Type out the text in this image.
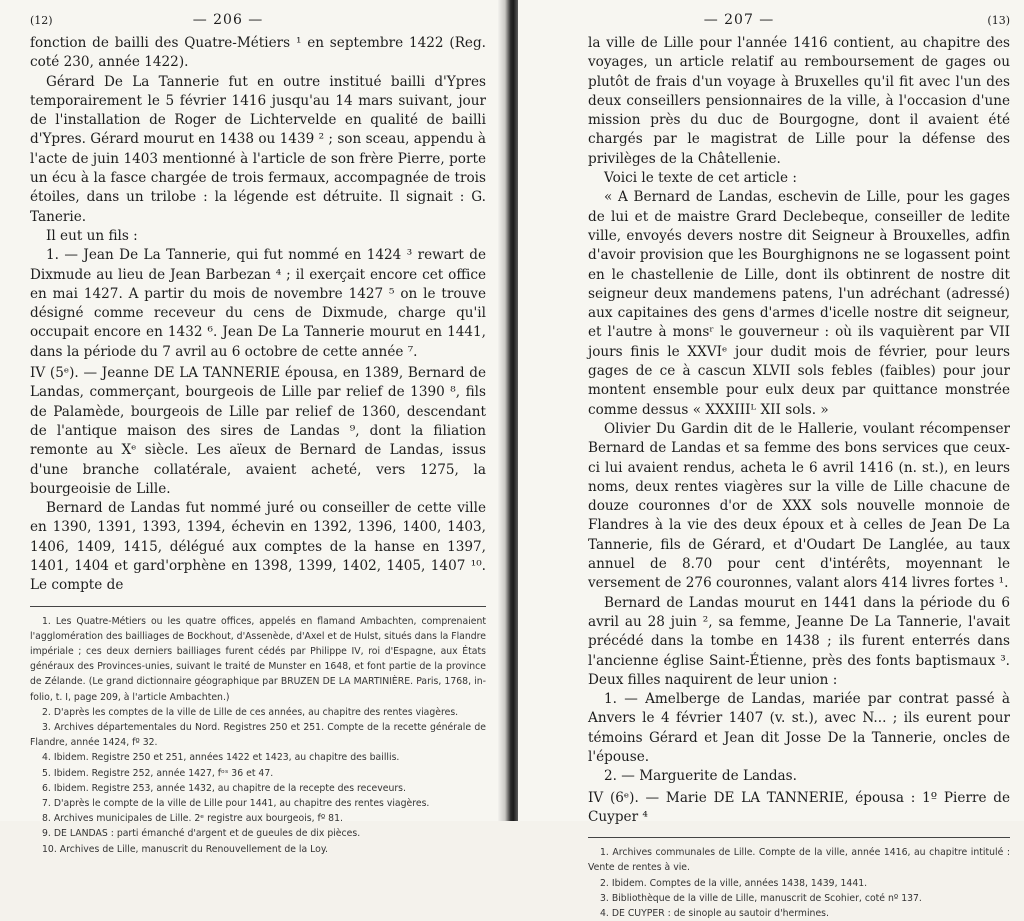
(12)	— 206 —

fonction de bailli des Quatre-Métiers ¹ en septembre 1422 (Reg. coté 230, année 1422).

Gérard De La Tannerie fut en outre institué bailli d'Ypres temporairement le 5 février 1416 jusqu'au 14 mars suivant, jour de l'installation de Roger de Lichtervelde en qualité de bailli d'Ypres. Gérard mourut en 1438 ou 1439 ² ; son sceau, appendu à l'acte de juin 1403 mentionné à l'article de son frère Pierre, porte un écu à la fasce chargée de trois fermaux, accompagnée de trois étoiles, dans un trilobe : la légende est détruite. Il signait : G. Tanerie.

Il eut un fils :

1. — Jean De La Tannerie, qui fut nommé en 1424 ³ rewart de Dixmude au lieu de Jean Barbezan ⁴ ; il exerçait encore cet office en mai 1427. A partir du mois de novembre 1427 ⁵ on le trouve désigné comme receveur du cens de Dixmude, charge qu'il occupait encore en 1432 ⁶. Jean De La Tannerie mourut en 1441, dans la période du 7 avril au 6 octobre de cette année ⁷.

IV (5ᵉ). — Jeanne DE LA TANNERIE épousa, en 1389, Bernard de Landas, commerçant, bourgeois de Lille par relief de 1390 ⁸, fils de Palamède, bourgeois de Lille par relief de 1360, descendant de l'antique maison des sires de Landas ⁹, dont la filiation remonte au Xᵉ siècle. Les aïeux de Bernard de Landas, issus d'une branche collatérale, avaient acheté, vers 1275, la bourgeoisie de Lille.

Bernard de Landas fut nommé juré ou conseiller de cette ville en 1390, 1391, 1393, 1394, échevin en 1392, 1396, 1400, 1403, 1406, 1409, 1415, délégué aux comptes de la hanse en 1397, 1401, 1404 et gard'orphène en 1398, 1399, 1402, 1405, 1407 ¹⁰. Le compte de

1. Les Quatre-Métiers ou les quatre offices, appelés en flamand Ambachten, comprenaient l'agglomération des bailliages de Bockhout, d'Assenède, d'Axel et de Hulst, situés dans la Flandre impériale ; ces deux derniers bailliages furent cédés par Philippe IV, roi d'Espagne, aux États généraux des Provinces-unies, suivant le traité de Munster en 1648, et font partie de la province de Zélande. (Le grand dictionnaire géographique par BRUZEN DE LA MARTINIÈRE. Paris, 1768, in-folio, t. I, page 209, à l'article Ambachten.)

2. D'après les comptes de la ville de Lille de ces années, au chapitre des rentes viagères.

3. Archives départementales du Nord. Registres 250 et 251. Compte de la recette générale de Flandre, année 1424, fº 32.

4. Ibidem. Registre 250 et 251, années 1422 et 1423, au chapitre des baillis.

5. Ibidem. Registre 252, année 1427, fᵒˢ 36 et 47.

6. Ibidem. Registre 253, année 1432, au chapitre de la recepte des receveurs.

7. D'après le compte de la ville de Lille pour 1441, au chapitre des rentes viagères.

8. Archives municipales de Lille. 2ᵉ registre aux bourgeois, fº 81.

9. DE LANDAS : parti émanché d'argent et de gueules de dix pièces.

10. Archives de Lille, manuscrit du Renouvellement de la Loy.

— 207 —	(13)

la ville de Lille pour l'année 1416 contient, au chapitre des voyages, un article relatif au remboursement de gages ou plutôt de frais d'un voyage à Bruxelles qu'il fit avec l'un des deux conseillers pensionnaires de la ville, à l'occasion d'une mission près du duc de Bourgogne, dont il avaient été chargés par le magistrat de Lille pour la défense des privilèges de la Châtellenie.

Voici le texte de cet article :

« A Bernard de Landas, eschevin de Lille, pour les gages de lui et de maistre Grard Declebeque, conseiller de ledite ville, envoyés devers nostre dit Seigneur à Brouxelles, adfin d'avoir provision que les Bourghignons ne se logassent point en le chastellenie de Lille, dont ils obtinrent de nostre dit seigneur deux mandemens patens, l'un adréchant (adressé) aux capitaines des gens d'armes d'icelle nostre dit seigneur, et l'autre à monsʳ le gouverneur : où ils vaquièrent par VII jours finis le XXVIᵉ jour dudit mois de février, pour leurs gages de ce à cascun XLVII sols febles (faibles) pour jour montent ensemble pour eulx deux par quittance monstrée comme dessus « XXXIIIᴸ XII sols. »

Olivier Du Gardin dit de le Hallerie, voulant récompenser Bernard de Landas et sa femme des bons services que ceux-ci lui avaient rendus, acheta le 6 avril 1416 (n. st.), en leurs noms, deux rentes viagères sur la ville de Lille chacune de douze couronnes d'or de XXX sols nouvelle monnoie de Flandres à la vie des deux époux et à celles de Jean De La Tannerie, fils de Gérard, et d'Oudart De Langlée, au taux annuel de 8.70 pour cent d'intérêts, moyennant le versement de 276 couronnes, valant alors 414 livres fortes ¹.

Bernard de Landas mourut en 1441 dans la période du 6 avril au 28 juin ², sa femme, Jeanne De La Tannerie, l'avait précédé dans la tombe en 1438 ; ils furent enterrés dans l'ancienne église Saint-Étienne, près des fonts baptismaux ³. Deux filles naquirent de leur union :

1. — Amelberge de Landas, mariée par contrat passé à Anvers le 4 février 1407 (v. st.), avec N... ; ils eurent pour témoins Gérard et Jean dit Josse De la Tannerie, oncles de l'épouse.

2. — Marguerite de Landas.

IV (6ᵉ). — Marie DE LA TANNERIE, épousa : 1º Pierre de Cuyper ⁴

1. Archives communales de Lille. Compte de la ville, année 1416, au chapitre intitulé : Vente de rentes à vie.

2. Ibidem. Comptes de la ville, années 1438, 1439, 1441.

3. Bibliothèque de la ville de Lille, manuscrit de Scohier, coté nº 137.

4. DE CUYPER : de sinople au sautoir d'hermines.
